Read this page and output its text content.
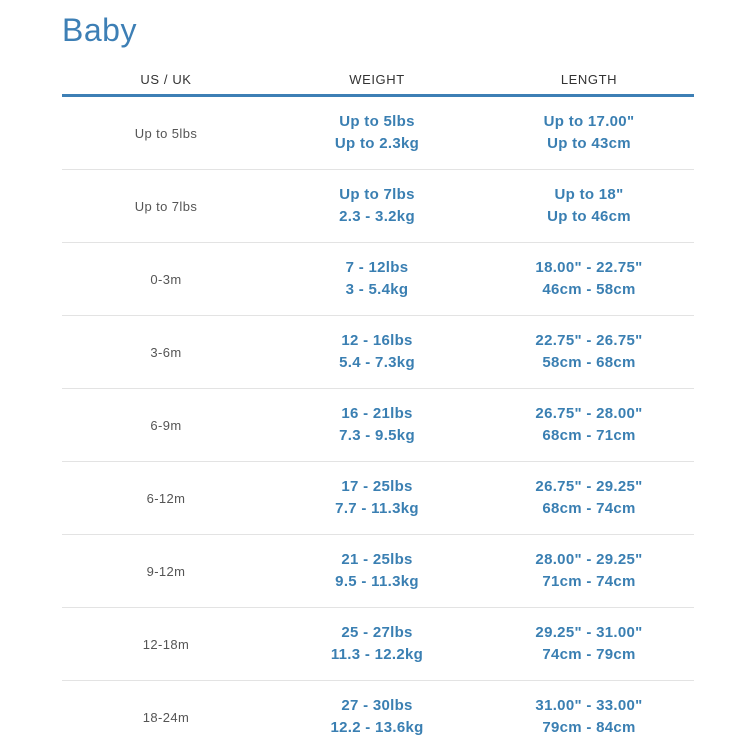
Baby
US / UK	WEIGHT	LENGTH
Up to 5lbs
Up to 5lbs
Up to 2.3kg
Up to 17.00"
Up to 43cm
Up to 7lbs
Up to 7lbs
2.3 - 3.2kg
Up to 18"
Up to 46cm
0-3m
7 - 12lbs
3 - 5.4kg
18.00" - 22.75"
46cm - 58cm
3-6m
12 - 16lbs
5.4 - 7.3kg
22.75" - 26.75"
58cm - 68cm
6-9m
16 - 21lbs
7.3 - 9.5kg
26.75" - 28.00"
68cm - 71cm
6-12m
17 - 25lbs
7.7 - 11.3kg
26.75" - 29.25"
68cm - 74cm
9-12m
21 - 25lbs
9.5 - 11.3kg
28.00" - 29.25"
71cm - 74cm
12-18m
25 - 27lbs
11.3 - 12.2kg
29.25" - 31.00"
74cm - 79cm
18-24m
27 - 30lbs
12.2 - 13.6kg
31.00" - 33.00"
79cm - 84cm
